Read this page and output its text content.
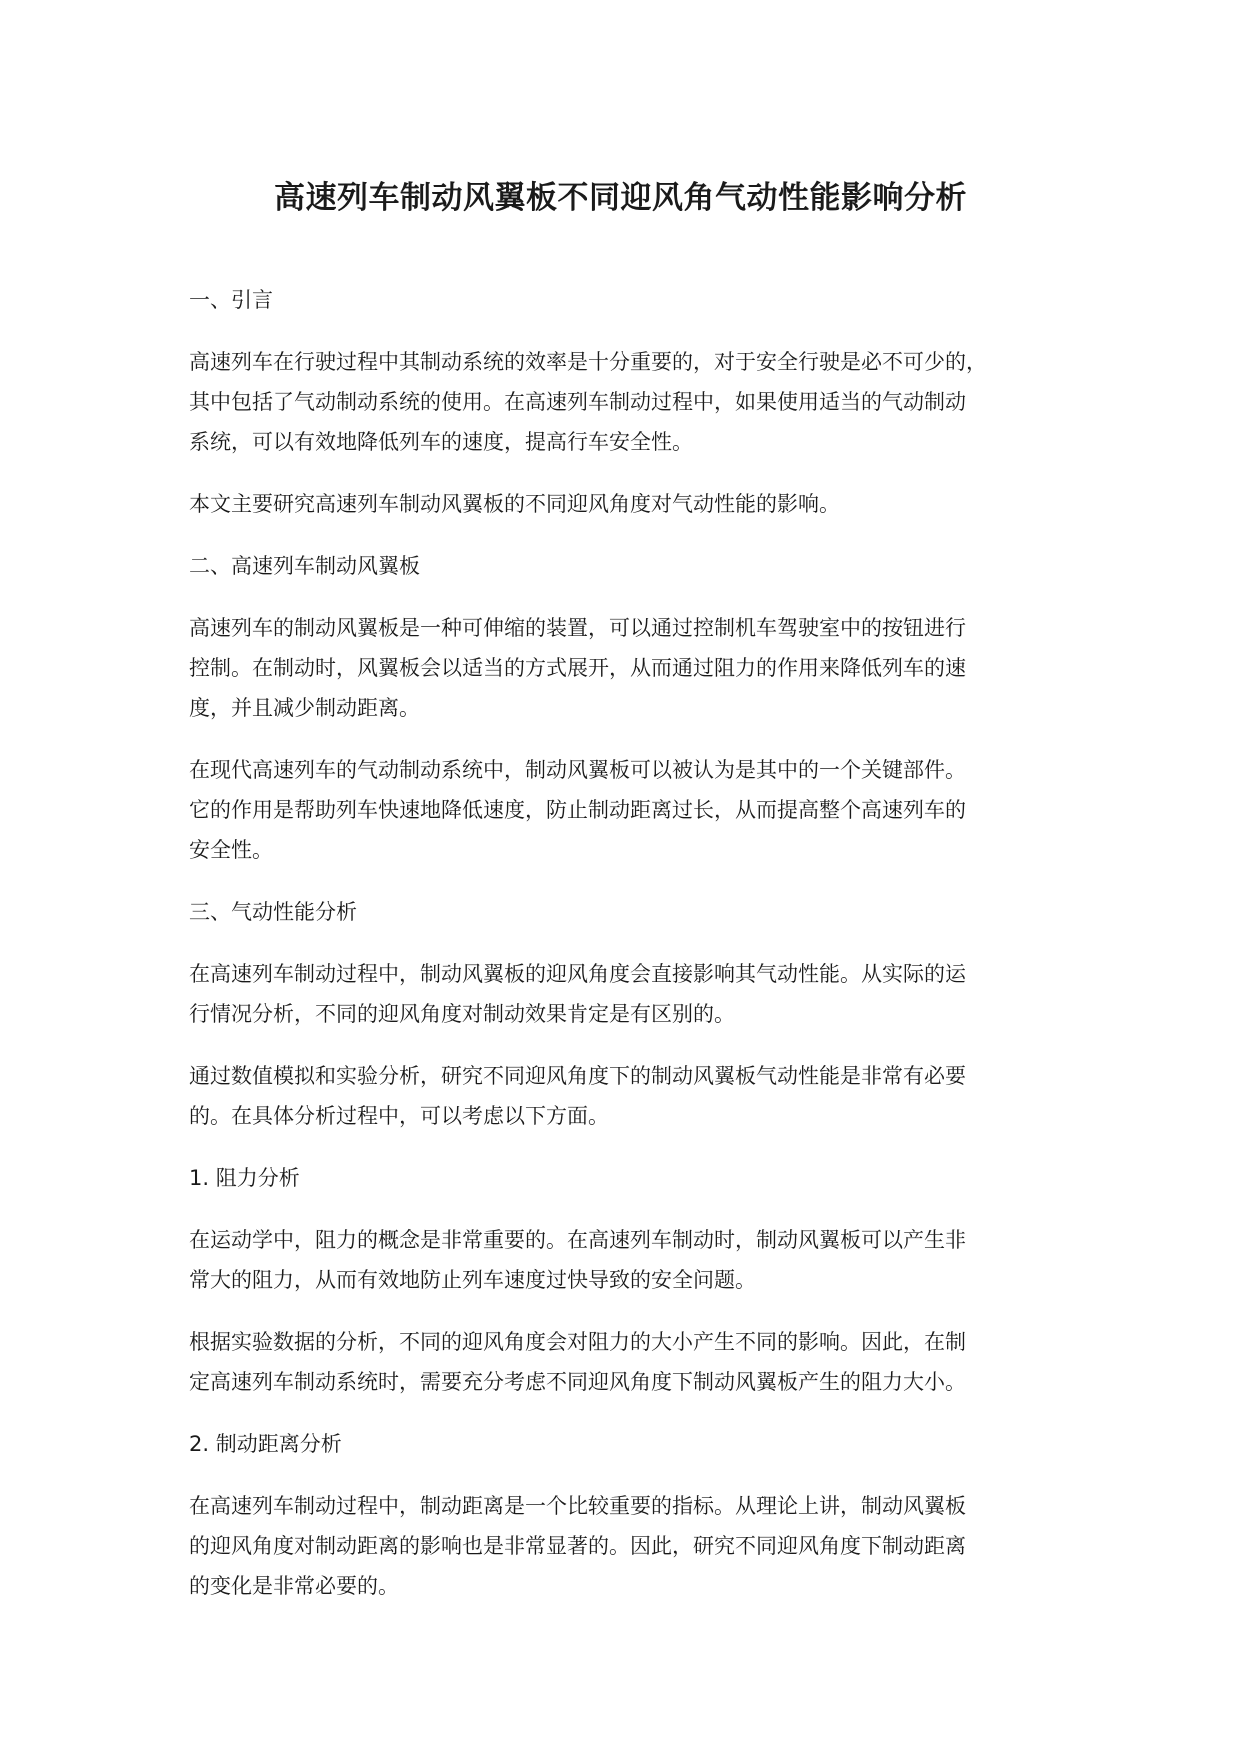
高速列车制动风翼板不同迎风角气动性能影响分析
一、引言
高速列车在行驶过程中其制动系统的效率是十分重要的，对于安全行驶是必不可少的，
其中包括了气动制动系统的使用。在高速列车制动过程中，如果使用适当的气动制动
系统，可以有效地降低列车的速度，提高行车安全性。
本文主要研究高速列车制动风翼板的不同迎风角度对气动性能的影响。
二、高速列车制动风翼板
高速列车的制动风翼板是一种可伸缩的装置，可以通过控制机车驾驶室中的按钮进行
控制。在制动时，风翼板会以适当的方式展开，从而通过阻力的作用来降低列车的速
度，并且减少制动距离。
在现代高速列车的气动制动系统中，制动风翼板可以被认为是其中的一个关键部件。
它的作用是帮助列车快速地降低速度，防止制动距离过长，从而提高整个高速列车的
安全性。
三、气动性能分析
在高速列车制动过程中，制动风翼板的迎风角度会直接影响其气动性能。从实际的运
行情况分析，不同的迎风角度对制动效果肯定是有区别的。
通过数值模拟和实验分析，研究不同迎风角度下的制动风翼板气动性能是非常有必要
的。在具体分析过程中，可以考虑以下方面。
1. 阻力分析
在运动学中，阻力的概念是非常重要的。在高速列车制动时，制动风翼板可以产生非
常大的阻力，从而有效地防止列车速度过快导致的安全问题。
根据实验数据的分析，不同的迎风角度会对阻力的大小产生不同的影响。因此，在制
定高速列车制动系统时，需要充分考虑不同迎风角度下制动风翼板产生的阻力大小。
2. 制动距离分析
在高速列车制动过程中，制动距离是一个比较重要的指标。从理论上讲，制动风翼板
的迎风角度对制动距离的影响也是非常显著的。因此，研究不同迎风角度下制动距离
的变化是非常必要的。
